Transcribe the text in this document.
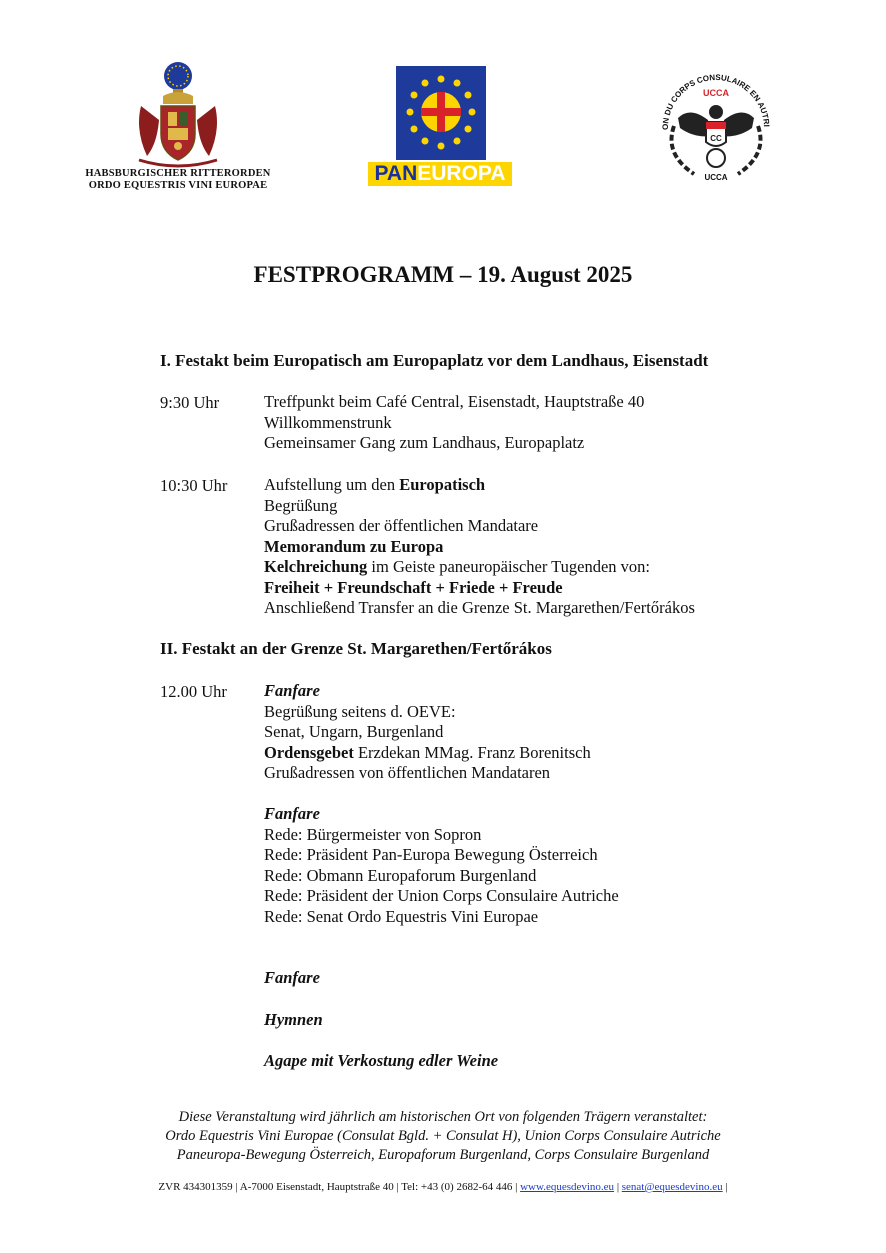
HABSBURGISCHER RITTERORDEN
ORDO EQUESTRIS VINI EUROPAE
PANEUROPA
ON DU CORPS CONSULAIRE EN AUTRI
UCCA
CC
UCCA
FESTPROGRAMM – 19. August 2025
I. Festakt beim Europatisch am Europaplatz vor dem Landhaus, Eisenstadt
9:30 Uhr	Treffpunkt beim Café Central, Eisenstadt, Hauptstraße 40
Willkommenstrunk
Gemeinsamer Gang zum Landhaus, Europaplatz
10:30 Uhr Aufstellung um den Europatisch
Begrüßung
Grußadressen der öffentlichen Mandatare
Memorandum zu Europa
Kelchreichung im Geiste paneuropäischer Tugenden von:
Freiheit + Freundschaft + Friede + Freude
Anschließend Transfer an die Grenze St. Margarethen/Fertőrákos
II. Festakt an der Grenze St. Margarethen/Fertőrákos
12.00 Uhr Fanfare
Begrüßung seitens d. OEVE:
Senat, Ungarn, Burgenland
Ordensgebet Erzdekan MMag. Franz Borenitsch
Grußadressen von öffentlichen Mandataren
Fanfare
Rede: Bürgermeister von Sopron
Rede: Präsident Pan-Europa Bewegung Österreich
Rede: Obmann Europaforum Burgenland
Rede: Präsident der Union Corps Consulaire Autriche
Rede: Senat Ordo Equestris Vini Europae
Fanfare
Hymnen
Agape mit Verkostung edler Weine
Diese Veranstaltung wird jährlich am historischen Ort von folgenden Trägern veranstaltet:
Ordo Equestris Vini Europae (Consulat Bgld. + Consulat H), Union Corps Consulaire Autriche
Paneuropa-Bewegung Österreich, Europaforum Burgenland, Corps Consulaire Burgenland
ZVR 434301359 | A-7000 Eisenstadt, Hauptstraße 40 | Tel: +43 (0) 2682-64 446 | www.equesdevino.eu | senat@equesdevino.eu |
